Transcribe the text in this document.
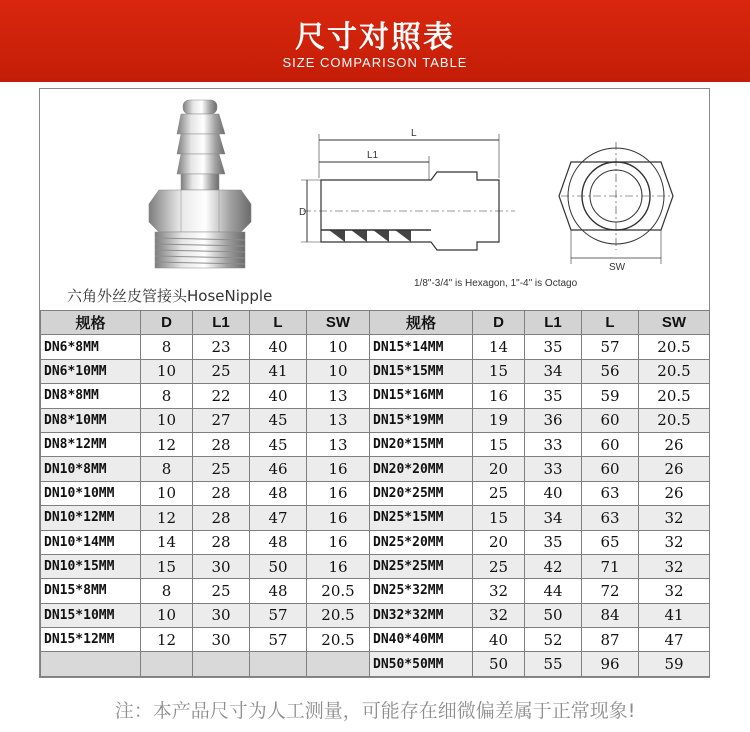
尺寸对照表
SIZE COMPARISON TABLE
L
L1
D
SW
六角外丝皮管接头HoseNipple
1/8"-3/4" is Hexagon, 1"-4" is Octago
规格	D	L1	L	SW	规格	D	L1	L	SW
DN6*8MM	8	23	40	10	DN15*14MM	14	35	57	20.5
DN6*10MM	10	25	41	10	DN15*15MM	15	34	56	20.5
DN8*8MM	8	22	40	13	DN15*16MM	16	35	59	20.5
DN8*10MM	10	27	45	13	DN15*19MM	19	36	60	20.5
DN8*12MM	12	28	45	13	DN20*15MM	15	33	60	26
DN10*8MM	8	25	46	16	DN20*20MM	20	33	60	26
DN10*10MM	10	28	48	16	DN20*25MM	25	40	63	26
DN10*12MM	12	28	47	16	DN25*15MM	15	34	63	32
DN10*14MM	14	28	48	16	DN25*20MM	20	35	65	32
DN10*15MM	15	30	50	16	DN25*25MM	25	42	71	32
DN15*8MM	8	25	48	20.5	DN25*32MM	32	44	72	32
DN15*10MM	10	30	57	20.5	DN32*32MM	32	50	84	41
DN15*12MM	12	30	57	20.5	DN40*40MM	40	52	87	47
					DN50*50MM	50	55	96	59
注：本产品尺寸为人工测量，可能存在细微偏差属于正常现象!
